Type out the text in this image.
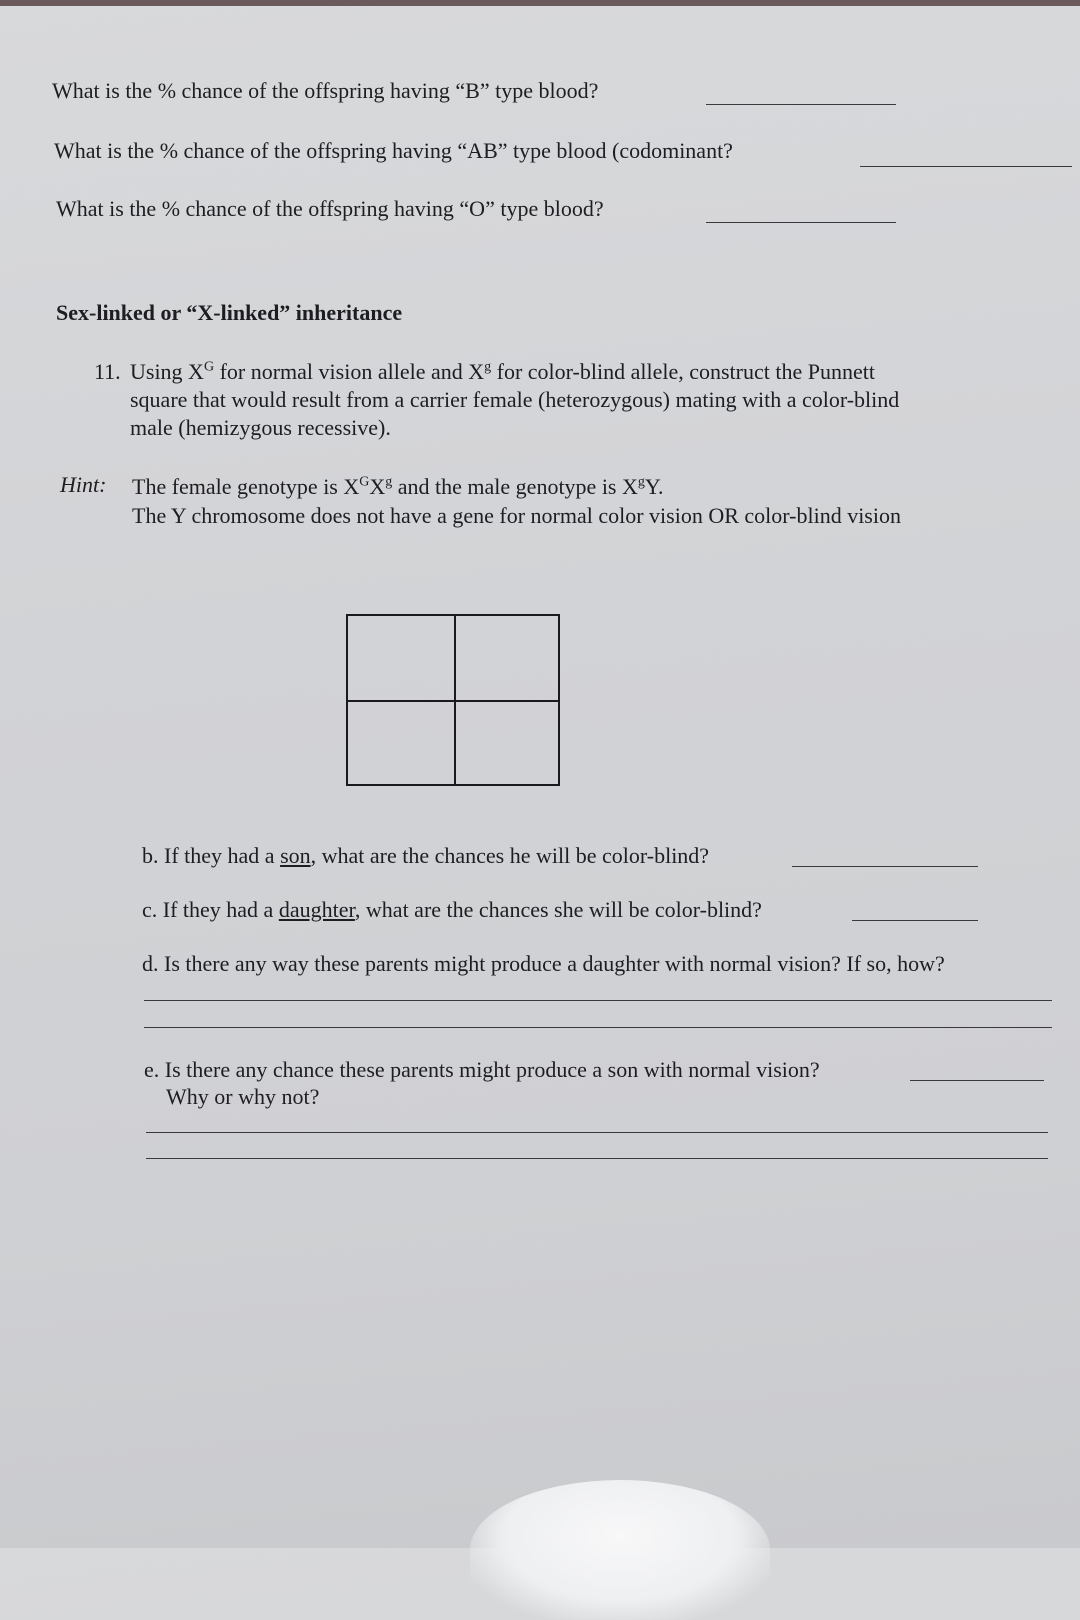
What is the % chance of the offspring having “B” type blood?
What is the % chance of the offspring having “AB” type blood (codominant?
What is the % chance of the offspring having “O” type blood?
Sex-linked or “X-linked” inheritance
11. Using $X^G$ for normal vision allele and $X^g$ for color-blind allele, construct the Punnett
square that would result from a carrier female (heterozygous) mating with a color-blind
male (hemizygous recessive).
Hint: The female genotype is $X^GX^g$ and the male genotype is $X^gY$.
The Y chromosome does not have a gene for normal color vision OR color-blind vision
b. If they had a son, what are the chances he will be color-blind?
c. If they had a daughter, what are the chances she will be color-blind?
d. Is there any way these parents might produce a daughter with normal vision? If so, how?
e. Is there any chance these parents might produce a son with normal vision?
Why or why not?
